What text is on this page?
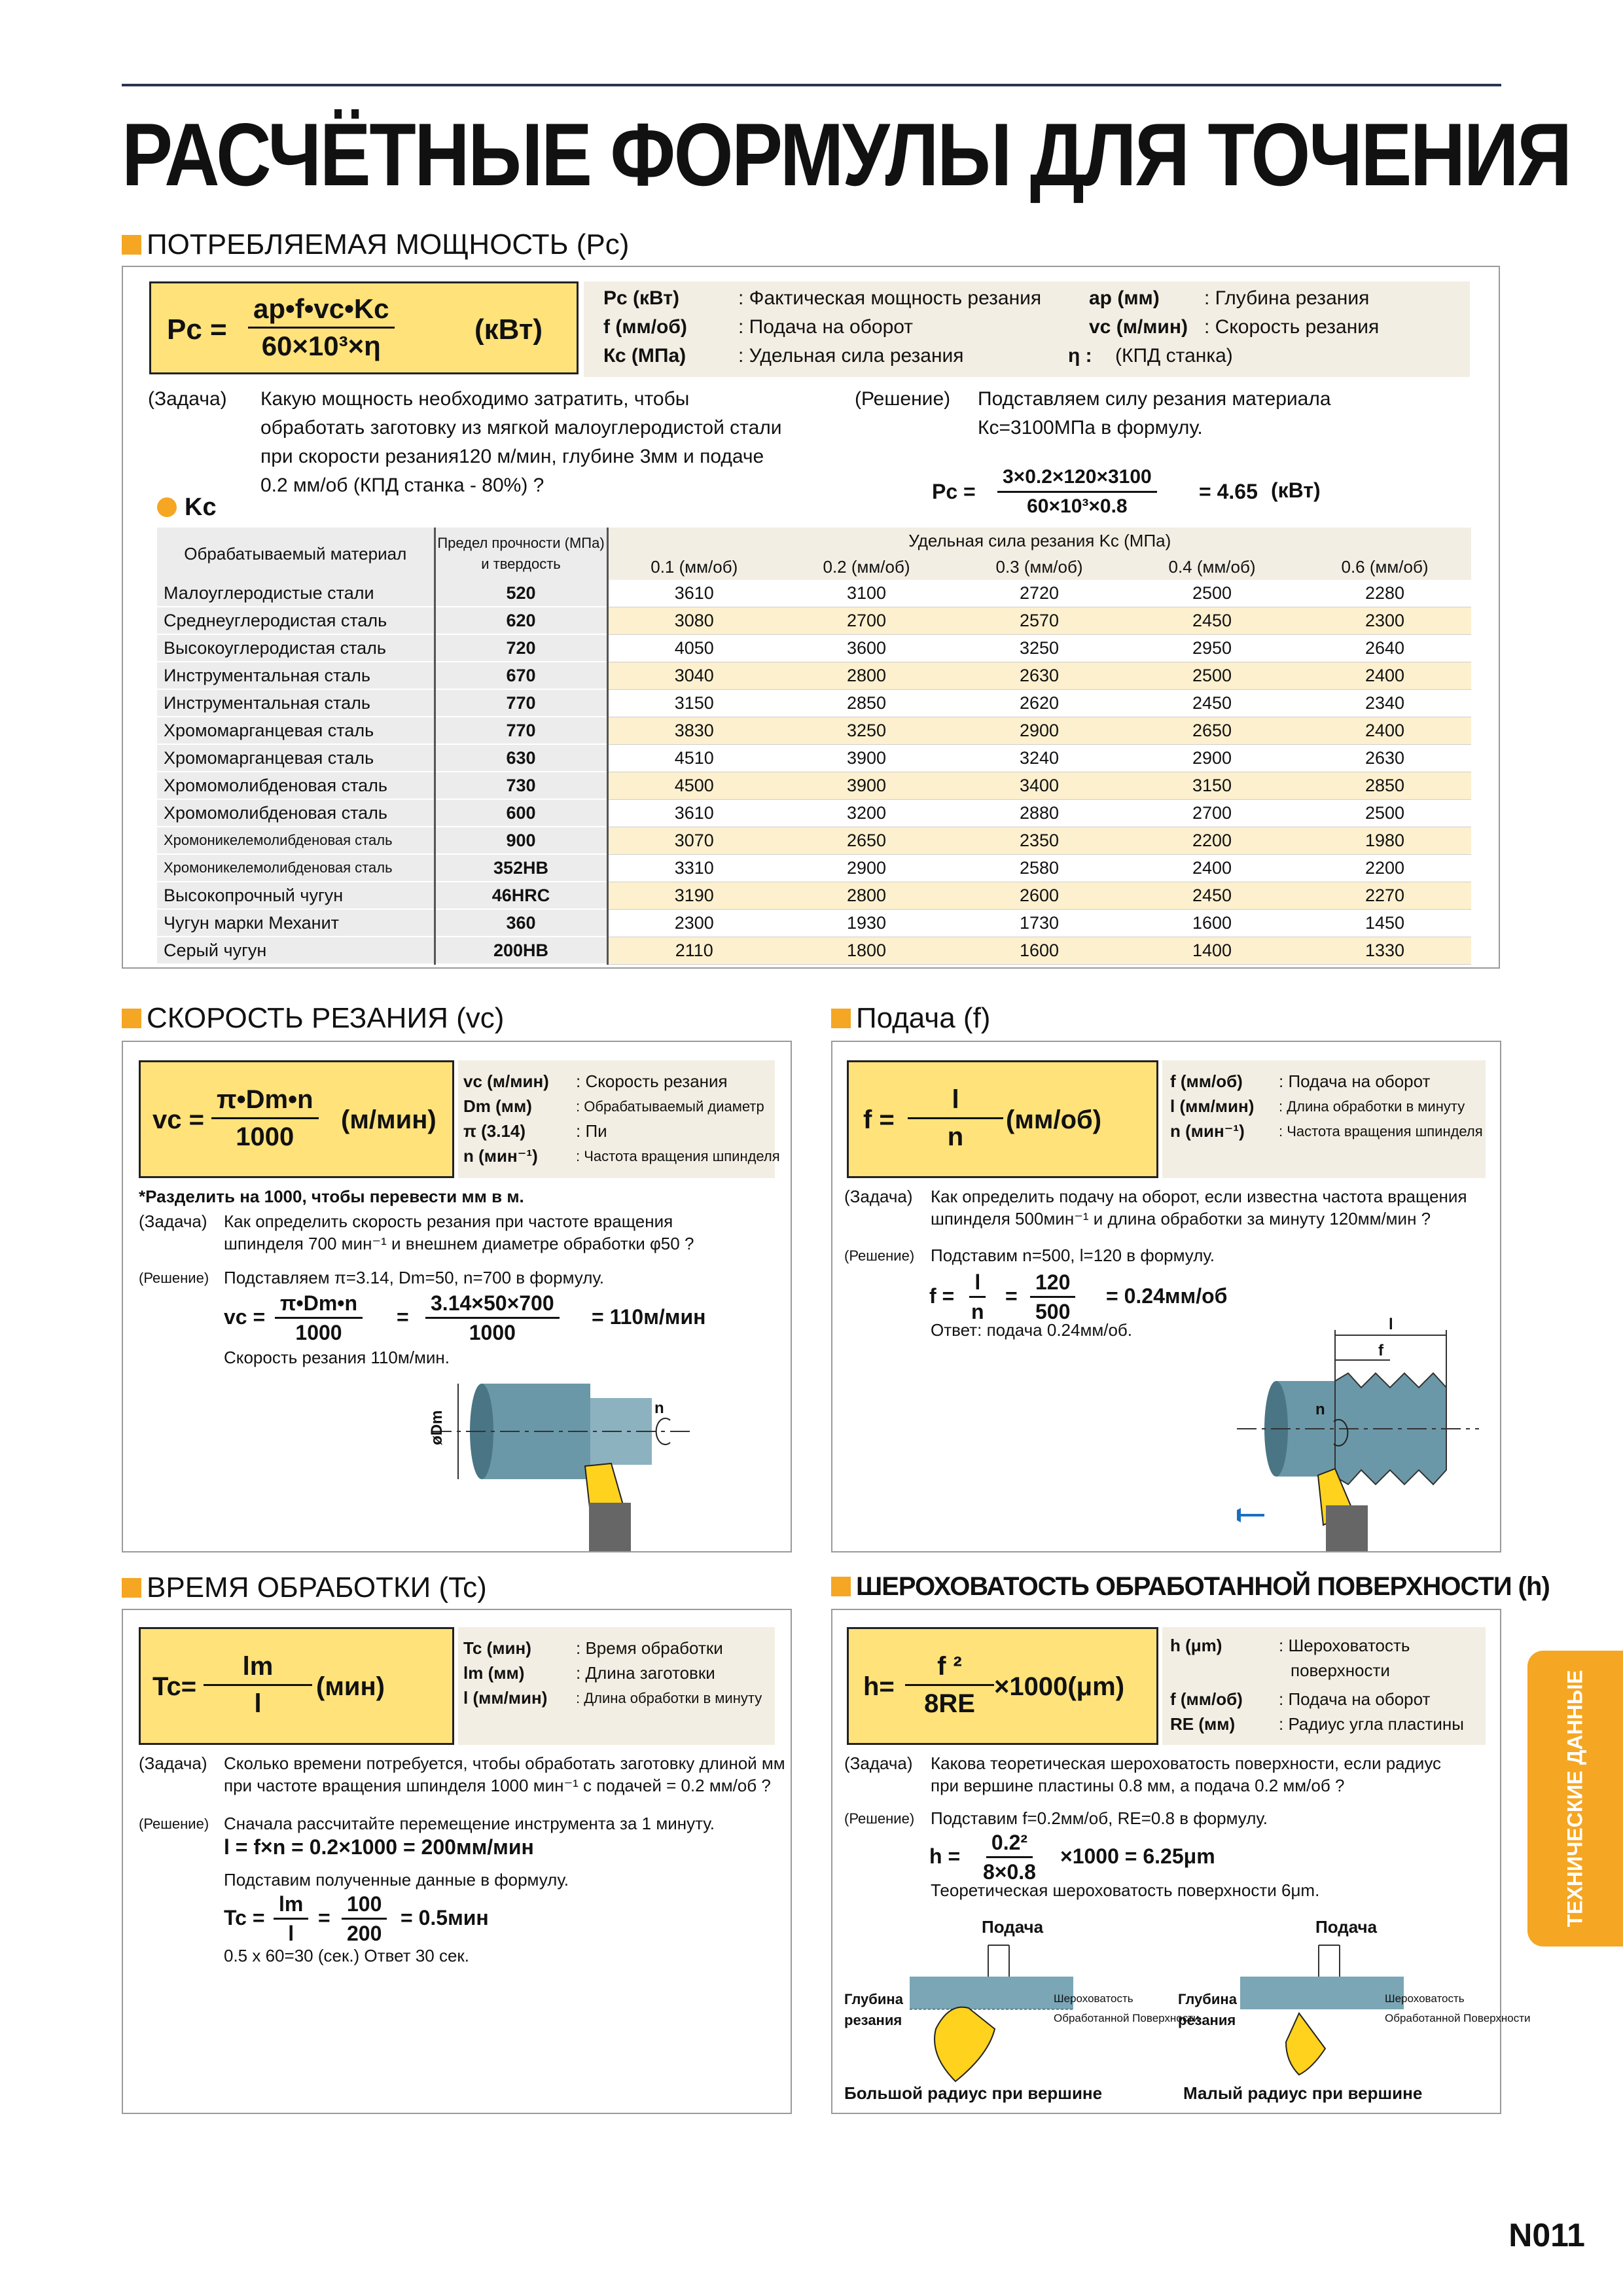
РАСЧЁТНЫЕ ФОРМУЛЫ ДЛЯ ТОЧЕНИЯ
ПОТРЕБЛЯЕМАЯ МОЩНОСТЬ (Pc)
$Pc = \frac{ap•f•vc•Kc}{\text{60×10³×η}}$	(кВт)
Pc (кВт)	: Фактическая мощность резания
f (мм/об)	: Подача на оборот
Кс (МПа)	: Удельная сила резания
ap (мм) : Глубина резания
vc (м/мин) : Скорость резания
η : (КПД станка)
(Задача) Какую мощность необходимо затратить, чтобы
обработать заготовку из мягкой малоуглеродистой стали
при скорости резания120 м/мин, глубине 3мм и подаче
0.2 мм/об (КПД станка - 80%) ?
(Решение) Подставляем силу резания материала
Кс=3100МПа в формулу.
$Pc = \frac{3\times 0.2\times 120\times 3100}{\text{60×10³×0.8}} = 4.65$ (кВт)
Kc
Обрабатываемый материал	Предел прочности (МПа) и твердость	Удельная сила резания Kc (МПа)				
		0.1 (мм/об)	0.2 (мм/об)	0.3 (мм/об)	0.4 (мм/об)	0.6 (мм/об)
Малоуглеродистые стали	520	3610	3100	2720	2500	2280
Среднеуглеродистая сталь	620	3080	2700	2570	2450	2300
Высокоуглеродистая сталь	720	4050	3600	3250	2950	2640
Инструментальная сталь	670	3040	2800	2630	2500	2400
Инструментальная сталь	770	3150	2850	2620	2450	2340
Хромомарганцевая сталь	770	3830	3250	2900	2650	2400
Хромомарганцевая сталь	630	4510	3900	3240	2900	2630
Хромомолибденовая сталь	730	4500	3900	3400	3150	2850
Хромомолибденовая сталь	600	3610	3200	2880	2700	2500
Хромоникелемолибденовая сталь	900	3070	2650	2350	2200	1980
Хромоникелемолибденовая сталь	352HB	3310	2900	2580	2400	2200
Высокопрочный чугун	46HRC	3190	2800	2600	2450	2270
Чугун марки Механит	360	2300	1930	1730	1600	1450
Серый чугун	200HB	2110	1800	1600	1400	1330
СКОРОСТЬ РЕЗАНИЯ (vc)
vc = $\frac{\pi•Dm•n}{1000} (м/мин)$
vc (м/мин) : Скорость резания
Dm (мм)	: Обрабатываемый диаметр
π (3.14)	: Пи
n (мин⁻¹)	: Частота вращения шпинделя
*Разделить на 1000, чтобы перевести мм в м.
(Задача) Как определить скорость резания при частоте вращения
шпинделя 700 мин⁻¹ и внешнем диаметре обработки φ50 ?
(Решение) Подставляем π=3.14, Dm=50, n=700 в формулу.
vc = $\frac{\pi•Dm•n}{1000} = \frac{3.14\times 50\times 700}{1000} = 110м/мин$
Скорость резания 110м/мин.
øDm
n
Подача (f)
$f = \frac{l}{n} (мм/об)$
f (мм/об) : Подача на оборот
l (мм/мин) : Длина обработки в минуту
n (мин⁻¹) : Частота вращения шпинделя
(Задача) Как определить подачу на оборот, если известна частота вращения
шпинделя 500мин⁻¹ и длина обработки за минуту 120мм/мин ?
(Решение) Подставим n=500, l=120 в формулу.
$f = \frac{l}{n} = \frac{120}{500} = 0.24мм/об$
Ответ: подача 0.24мм/об.	l
f
n
ВРЕМЯ ОБРАБОТКИ (Tc)
$Tc= \frac{lm}{l} (мин)$
Tc (мин)	: Время обработки
lm (мм)	: Длина заготовки
l (мм/мин) : Длина обработки в минуту
(Задача) Сколько времени потребуется, чтобы обработать заготовку длиной мм
при частоте вращения шпинделя 1000 мин⁻¹ с подачей = 0.2 мм/об ?
(Решение) Сначала рассчитайте перемещение инструмента за 1 минуту.
l = f×n = 0.2×1000 = 200мм/мин
Подставим полученные данные в формулу.
$Tc = \frac{lm}{l} = \frac{100}{200} = 0.5мин$
0.5 x 60=30 (сек.) Ответ 30 сек.
ШЕРОХОВАТОСТЬ ОБРАБОТАННОЙ ПОВЕРХНОСТИ (h)
$h= \frac{\text{f ²}}{8RE} \times 1000(\mu m)$
h (μm)	: Шероховатость
поверхности
f (мм/об) : Подача на оборот
RE (мм)	: Радиус угла пластины
(Задача) Какова теоретическая шероховатость поверхности, если радиус
при вершине пластины 0.8 мм, а подача 0.2 мм/об ?
(Решение) Подставим f=0.2мм/об, RE=0.8 в формулу.
$h = \frac{\text{0.2²}}{8\times 0.8} \times 1000 = 6.25\mu m$
Теоретическая шероховатость поверхности 6μm.
Подача	Подача
Глубина
резания
Глубина
резания
Шероховатость
Обработанной Поверхности
Шероховатость
Обработанной Поверхности
Большой радиус при вершине	Малый радиус при вершине
ТЕХНИЧЕСКИЕ ДАННЫЕ
N011
